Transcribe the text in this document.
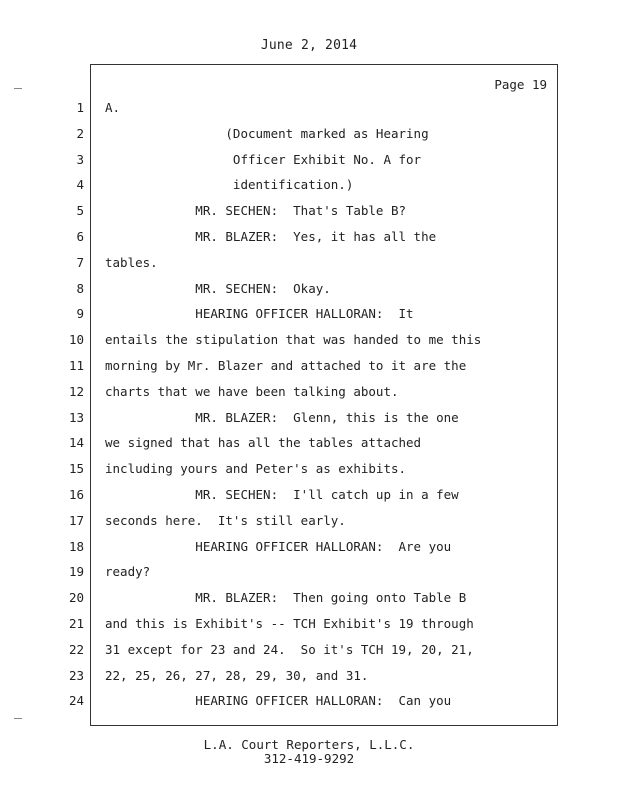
June 2, 2014
Page 19
1
2
3
4
5
6
7
8
9
10
11
12
13
14
15
16
17
18
19
20
21
22
23
24
A.
(Document marked as Hearing
Officer Exhibit No. A for
identification.)
MR. SECHEN:  That's Table B?
MR. BLAZER:  Yes, it has all the
tables.
MR. SECHEN:  Okay.
HEARING OFFICER HALLORAN:  It
entails the stipulation that was handed to me this
morning by Mr. Blazer and attached to it are the
charts that we have been talking about.
MR. BLAZER:  Glenn, this is the one
we signed that has all the tables attached
including yours and Peter's as exhibits.
MR. SECHEN:  I'll catch up in a few
seconds here.  It's still early.
HEARING OFFICER HALLORAN:  Are you
ready?
MR. BLAZER:  Then going onto Table B
and this is Exhibit's -- TCH Exhibit's 19 through
31 except for 23 and 24.  So it's TCH 19, 20, 21,
22, 25, 26, 27, 28, 29, 30, and 31.
HEARING OFFICER HALLORAN:  Can you
L.A. Court Reporters, L.L.C.
312-419-9292
